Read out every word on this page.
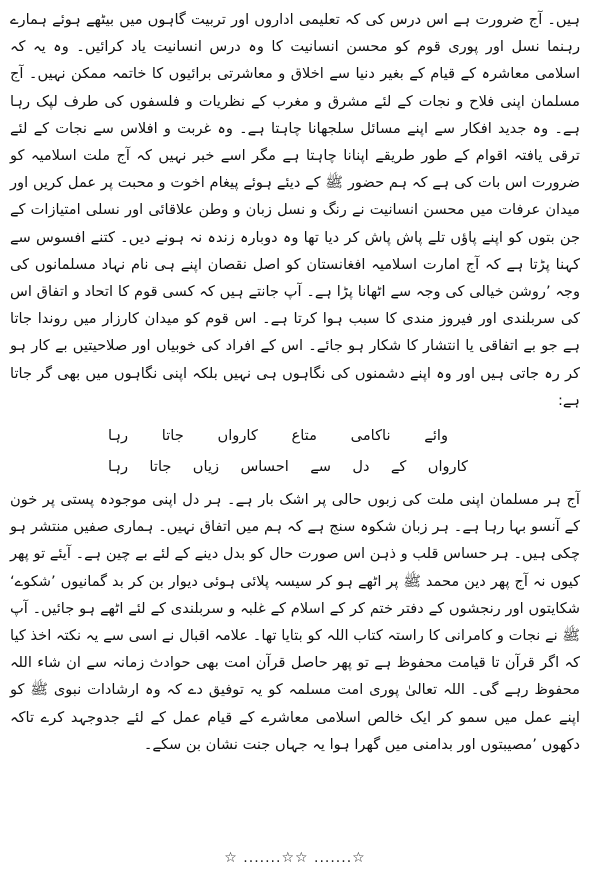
ہیں۔ آج ضرورت ہے اس درس کی کہ تعلیمی اداروں اور تربیت گاہوں میں بیٹھے ہوئے ہمارے رہنما نسل اور پوری قوم کو محسن انسانیت کا وہ درس انسانیت یاد کرائیں۔ وہ یہ کہ اسلامی معاشرہ کے قیام کے بغیر دنیا سے اخلاق و معاشرتی برائیوں کا خاتمہ ممکن نہیں۔ آج مسلمان اپنی فلاح و نجات کے لئے مشرق و مغرب کے نظریات و فلسفوں کی طرف لپک رہا ہے۔ وہ جدید افکار سے اپنے مسائل سلجھانا چاہتا ہے۔ وہ غربت و افلاس سے نجات کے لئے ترقی یافتہ اقوام کے طور طریقے اپنانا چاہتا ہے مگر اسے خبر نہیں کہ آج ملت اسلامیہ کو ضرورت اس بات کی ہے کہ ہم حضور ﷺ کے دیئے ہوئے پیغام اخوت و محبت پر عمل کریں اور میدان عرفات میں محسن انسانیت نے رنگ و نسل زبان و وطن علاقائی اور نسلی امتیازات کے جن بتوں کو اپنے پاؤں تلے پاش پاش کر دیا تھا وہ دوبارہ زندہ نہ ہونے دیں۔ کتنے افسوس سے کہنا پڑتا ہے کہ آج امارت اسلامیہ افغانستان کو اصل نقصان اپنے ہی نام نہاد مسلمانوں کی وجہ ’روشن خیالی کی وجہ سے اٹھانا پڑا ہے۔ آپ جانتے ہیں کہ کسی قوم کا اتحاد و اتفاق اس کی سربلندی اور فیروز مندی کا سبب ہوا کرتا ہے۔ اس قوم کو میدان کارزار میں روندا جاتا ہے جو بے اتفاقی یا انتشار کا شکار ہو جائے۔ اس کے افراد کی خوبیاں اور صلاحیتیں بے کار ہو کر رہ جاتی ہیں اور وہ اپنے دشمنوں کی نگاہوں ہی نہیں بلکہ اپنی نگاہوں میں بھی گر جاتا ہے:

وائے ناکامی متاع کارواں جاتا رہا
کارواں کے دل سے احساس زیاں جاتا رہا

آج ہر مسلمان اپنی ملت کی زبوں حالی پر اشک بار ہے۔ ہر دل اپنی موجودہ پستی پر خون کے آنسو بہا رہا ہے۔ ہر زبان شکوہ سنج ہے کہ ہم میں اتفاق نہیں۔ ہماری صفیں منتشر ہو چکی ہیں۔ ہر حساس قلب و ذہن اس صورت حال کو بدل دینے کے لئے بے چین ہے۔ آیئے تو پھر کیوں نہ آج پھر دین محمد ﷺ پر اٹھے ہو کر سیسہ پلائی ہوئی دیوار بن کر بد گمانیوں ’شکوے‘ شکایتوں اور رنجشوں کے دفتر ختم کر کے اسلام کے غلبہ و سربلندی کے لئے اٹھے ہو جائیں۔ آپ ﷺ نے نجات و کامرانی کا راستہ کتاب اللہ کو بتایا تھا۔ علامہ اقبال نے اسی سے یہ نکتہ اخذ کیا کہ اگر قرآن تا قیامت محفوظ ہے تو پھر حاصل قرآن امت بھی حوادث زمانہ سے ان شاء اللہ محفوظ رہے گی۔ اللہ تعالیٰ پوری امت مسلمہ کو یہ توفیق دے کہ وہ ارشادات نبوی ﷺ کو اپنے عمل میں سمو کر ایک خالص اسلامی معاشرے کے قیام عمل کے لئے جدوجہد کرے تاکہ دکھوں ’مصیبتوں اور بدامنی میں گھرا ہوا یہ جہاں جنت نشان بن سکے۔

☆ .......☆☆ .......☆
